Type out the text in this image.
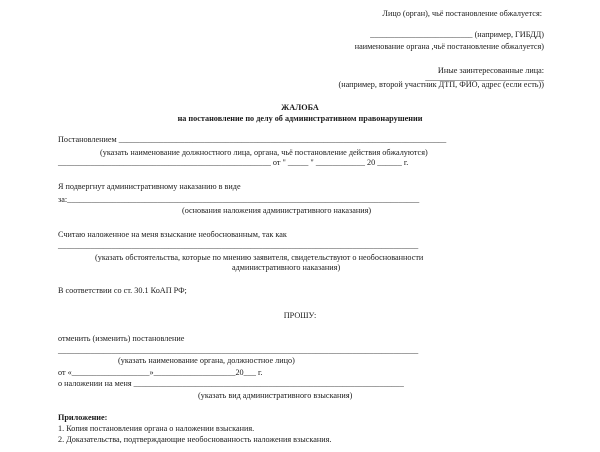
Лицо (орган), чьё постановление обжалуется:
_________________________ (например, ГИБДД)
наименование органа ,чьё постановление обжалуется)
Иные заинтересованные лица:
_____________________________
(например, второй участник ДТП, ФИО, адрес (если есть))
ЖАЛОБА
на постановление по делу об административном правонарушении
Постановлением ________________________________________________________________________________
(указать наименование должностного лица, органа, чьё постановление действия обжалуются)
____________________________________________________ от " _____ " ____________ 20 ______ г.
Я подвергнут административному наказанию в виде
за:______________________________________________________________________________________
(основания наложения административного наказания)
Считаю наложенное на меня взыскание необоснованным, так как
________________________________________________________________________________________
(указать обстоятельства, которые по мнению заявителя, свидетельствуют о необоснованности
административного наказания)
В соответствии со ст. 30.1 КоАП РФ;
ПРОШУ:
отменить (изменить) постановление
________________________________________________________________________________________
(указать наименование органа, должностное лицо)
от «___________________»____________________20___ г.
о наложении на меня __________________________________________________________________
(указать вид административного взыскания)
Приложение:
1. Копия постановления органа о наложении взыскания.
2. Доказательства, подтверждающие необоснованность наложения взыскания.
